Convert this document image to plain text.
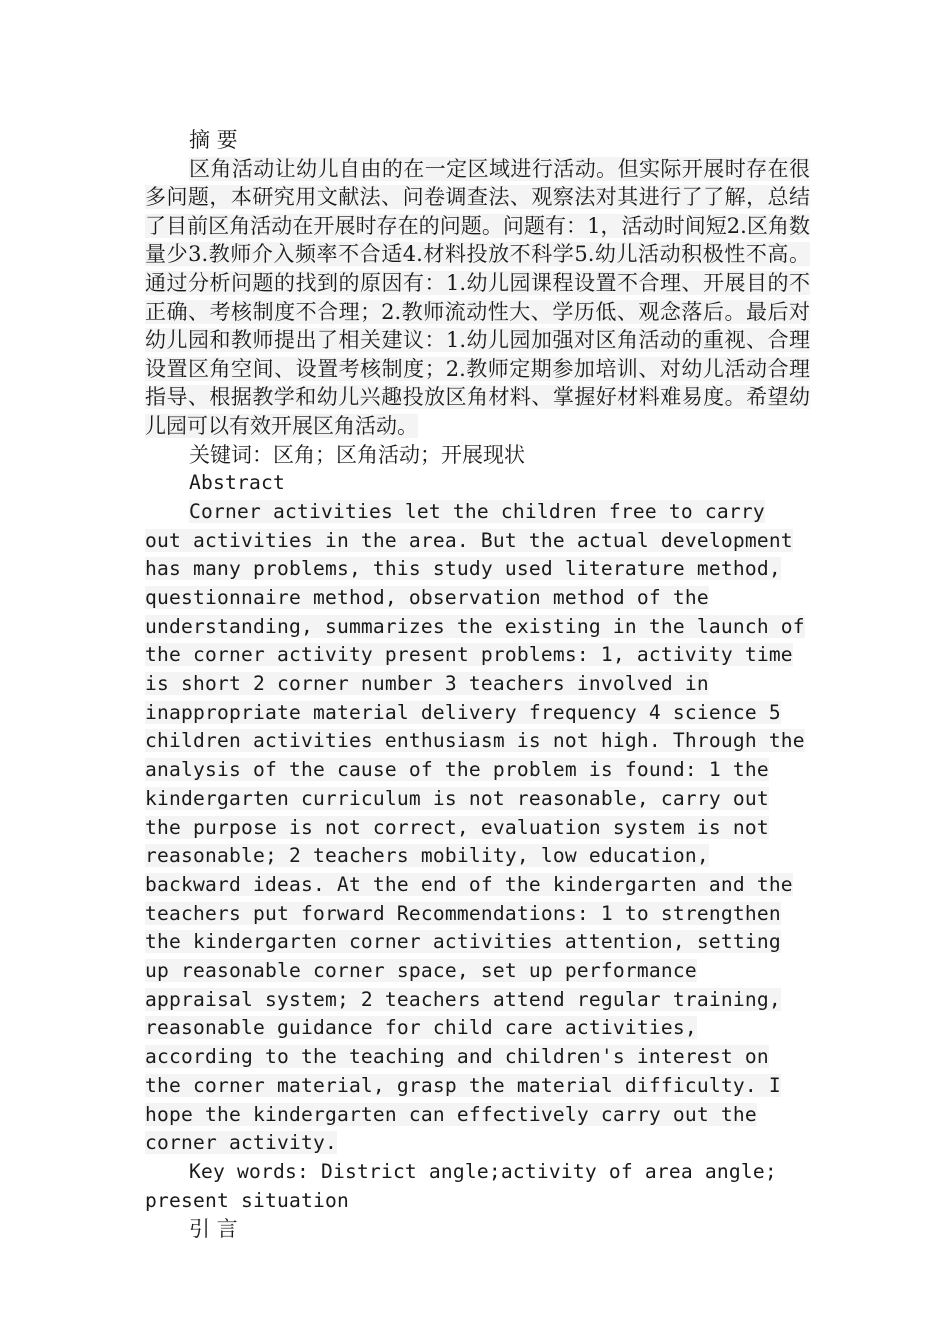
摘 要

区角活动让幼儿自由的在一定区域进行活动。但实际开展时存在很多问题，本研究用文献法、问卷调查法、观察法对其进行了了解，总结了目前区角活动在开展时存在的问题。问题有：1，活动时间短2.区角数量少3.教师介入频率不合适4.材料投放不科学5.幼儿活动积极性不高。通过分析问题的找到的原因有：1.幼儿园课程设置不合理、开展目的不正确、考核制度不合理；2.教师流动性大、学历低、观念落后。最后对幼儿园和教师提出了相关建议：1.幼儿园加强对区角活动的重视、合理设置区角空间、设置考核制度；2.教师定期参加培训、对幼儿活动合理指导、根据教学和幼儿兴趣投放区角材料、掌握好材料难易度。希望幼儿园可以有效开展区角活动。

关键词：区角；区角活动；开展现状

Abstract

Corner activities let the children free to carry out activities in the area. But the actual development has many problems, this study used literature method, questionnaire method, observation method of the understanding, summarizes the existing in the launch of the corner activity present problems: 1, activity time is short 2 corner number 3 teachers involved in inappropriate material delivery frequency 4 science 5 children activities enthusiasm is not high. Through the analysis of the cause of the problem is found: 1 the kindergarten curriculum is not reasonable, carry out the purpose is not correct, evaluation system is not reasonable; 2 teachers mobility, low education, backward ideas. At the end of the kindergarten and the teachers put forward Recommendations: 1 to strengthen the kindergarten corner activities attention, setting up reasonable corner space, set up performance appraisal system; 2 teachers attend regular training, reasonable guidance for child care activities, according to the teaching and children's interest on the corner material, grasp the material difficulty. I hope the kindergarten can effectively carry out the corner activity.

Key words: District angle;activity of area angle; present situation

引 言
